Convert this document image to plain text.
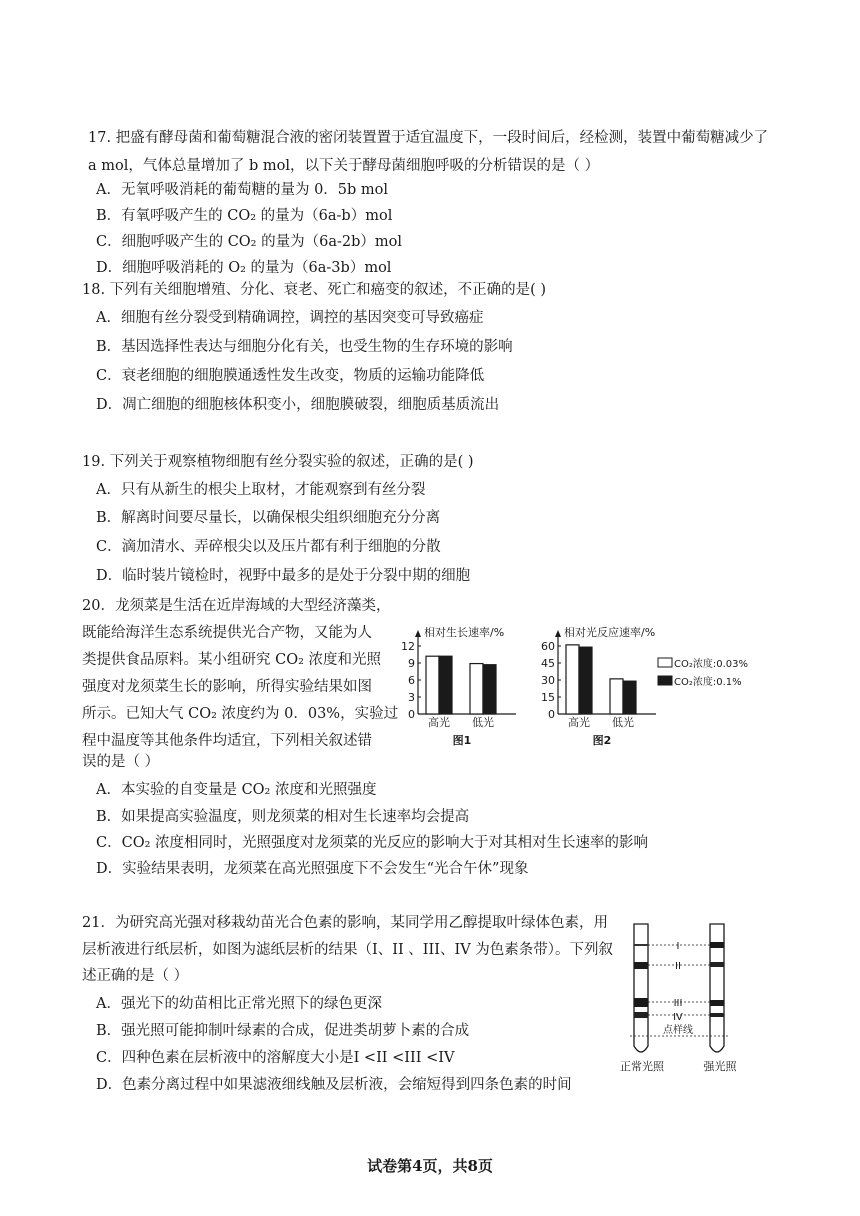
17. 把盛有酵母菌和葡萄糖混合液的密闭装置置于适宜温度下，一段时间后，经检测，装置中葡萄糖减少了
a mol，气体总量增加了 b mol，以下关于酵母菌细胞呼吸的分析错误的是（ ）
A．无氧呼吸消耗的葡萄糖的量为 0．5b mol
B．有氧呼吸产生的 CO₂ 的量为（6a-b）mol
C．细胞呼吸产生的 CO₂ 的量为（6a-2b）mol
D．细胞呼吸消耗的 O₂ 的量为（6a-3b）mol
18. 下列有关细胞增殖、分化、衰老、死亡和癌变的叙述，不正确的是( )
A．细胞有丝分裂受到精确调控，调控的基因突变可导致癌症
B．基因选择性表达与细胞分化有关，也受生物的生存环境的影响
C．衰老细胞的细胞膜通透性发生改变，物质的运输功能降低
D．凋亡细胞的细胞核体积变小，细胞膜破裂，细胞质基质流出
19. 下列关于观察植物细胞有丝分裂实验的叙述，正确的是( )
A．只有从新生的根尖上取材，才能观察到有丝分裂
B．解离时间要尽量长，以确保根尖组织细胞充分分离
C．滴加清水、弄碎根尖以及压片都有利于细胞的分散
D．临时装片镜检时，视野中最多的是处于分裂中期的细胞
20．龙须菜是生活在近岸海域的大型经济藻类，
既能给海洋生态系统提供光合产物，又能为人
类提供食品原料。某小组研究 CO₂ 浓度和光照
强度对龙须菜生长的影响，所得实验结果如图
所示。已知大气 CO₂ 浓度约为 0．03%，实验过
程中温度等其他条件均适宜，下列相关叙述错
误的是（ ）
相对生长速率/%
0
3
6
9
12
高光 低光
图1
相对光反应速率/%
0
15
30
45
60
高光 低光
图2
CO₂浓度:0.03%
CO₂浓度:0.1%
A．本实验的自变量是 CO₂ 浓度和光照强度
B．如果提高实验温度，则龙须菜的相对生长速率均会提高
C．CO₂ 浓度相同时，光照强度对龙须菜的光反应的影响大于对其相对生长速率的影响
D．实验结果表明，龙须菜在高光照强度下不会发生“光合午休”现象
21．为研究高光强对移栽幼苗光合色素的影响，某同学用乙醇提取叶绿体色素，用
层析液进行纸层析，如图为滤纸层析的结果（I、II 、III、IV 为色素条带）。下列叙
述正确的是（ ）
A．强光下的幼苗相比正常光照下的绿色更深
B．强光照可能抑制叶绿素的合成，促进类胡萝卜素的合成
C．四种色素在层析液中的溶解度大小是I <II <III <IV
D．色素分离过程中如果滤液细线触及层析液，会缩短得到四条色素的时间
I
II
III
IV
点样线
正常光照	强光照
试卷第4页，共8页
